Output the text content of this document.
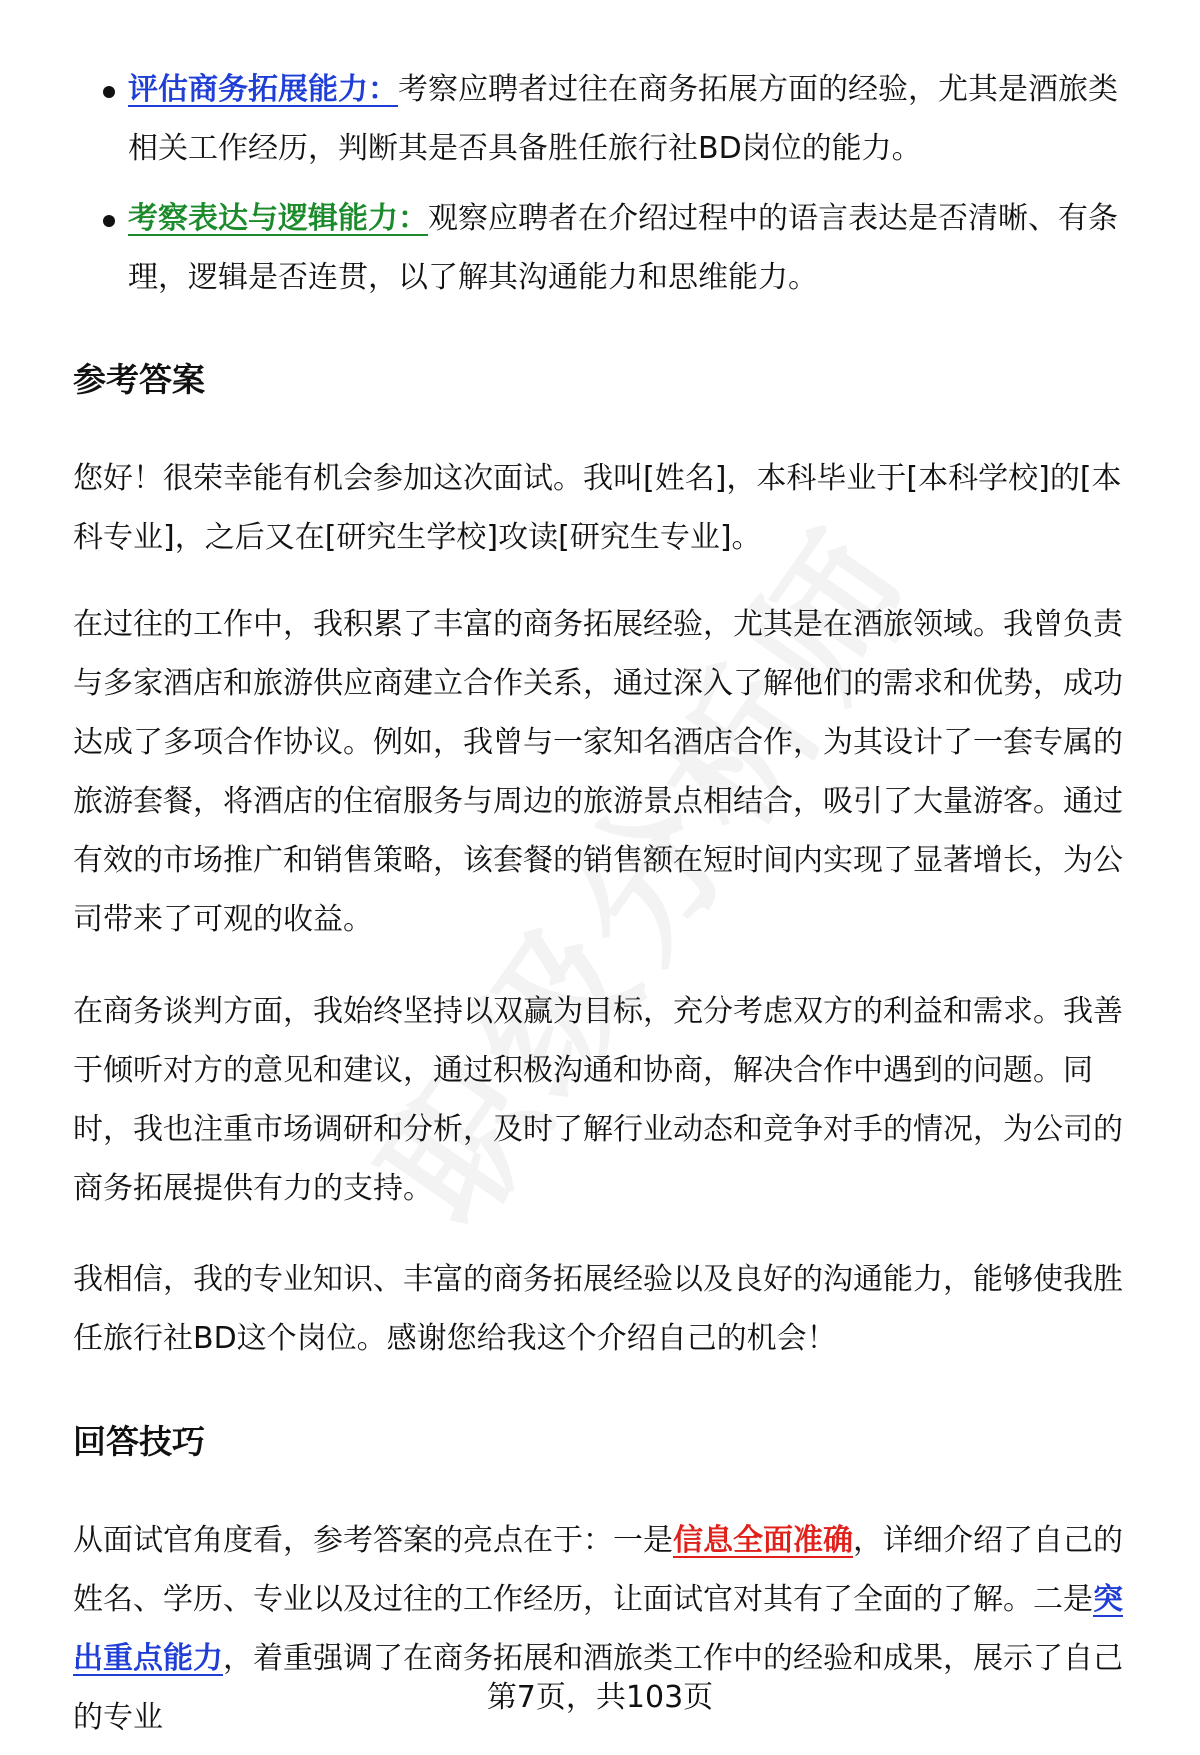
评估商务拓展能力：考察应聘者过往在商务拓展方面的经验，尤其是酒旅类相关工作经历，判断其是否具备胜任旅行社BD岗位的能力。
考察表达与逻辑能力：观察应聘者在介绍过程中的语言表达是否清晰、有条理，逻辑是否连贯，以了解其沟通能力和思维能力。
参考答案

您好！很荣幸能有机会参加这次面试。我叫[姓名]，本科毕业于[本科学校]的[本科专业]，之后又在[研究生学校]攻读[研究生专业]。

在过往的工作中，我积累了丰富的商务拓展经验，尤其是在酒旅领域。我曾负责与多家酒店和旅游供应商建立合作关系，通过深入了解他们的需求和优势，成功达成了多项合作协议。例如，我曾与一家知名酒店合作，为其设计了一套专属的旅游套餐，将酒店的住宿服务与周边的旅游景点相结合，吸引了大量游客。通过有效的市场推广和销售策略，该套餐的销售额在短时间内实现了显著增长，为公司带来了可观的收益。

在商务谈判方面，我始终坚持以双赢为目标，充分考虑双方的利益和需求。我善于倾听对方的意见和建议，通过积极沟通和协商，解决合作中遇到的问题。同时，我也注重市场调研和分析，及时了解行业动态和竞争对手的情况，为公司的商务拓展提供有力的支持。

我相信，我的专业知识、丰富的商务拓展经验以及良好的沟通能力，能够使我胜任旅行社BD这个岗位。感谢您给我这个介绍自己的机会！

回答技巧

从面试官角度看，参考答案的亮点在于：一是信息全面准确，详细介绍了自己的姓名、学历、专业以及过往的工作经历，让面试官对其有了全面的了解。二是突出重点能力，着重强调了在商务拓展和酒旅类工作中的经验和成果，展示了自己的专业

第7页，共103页
